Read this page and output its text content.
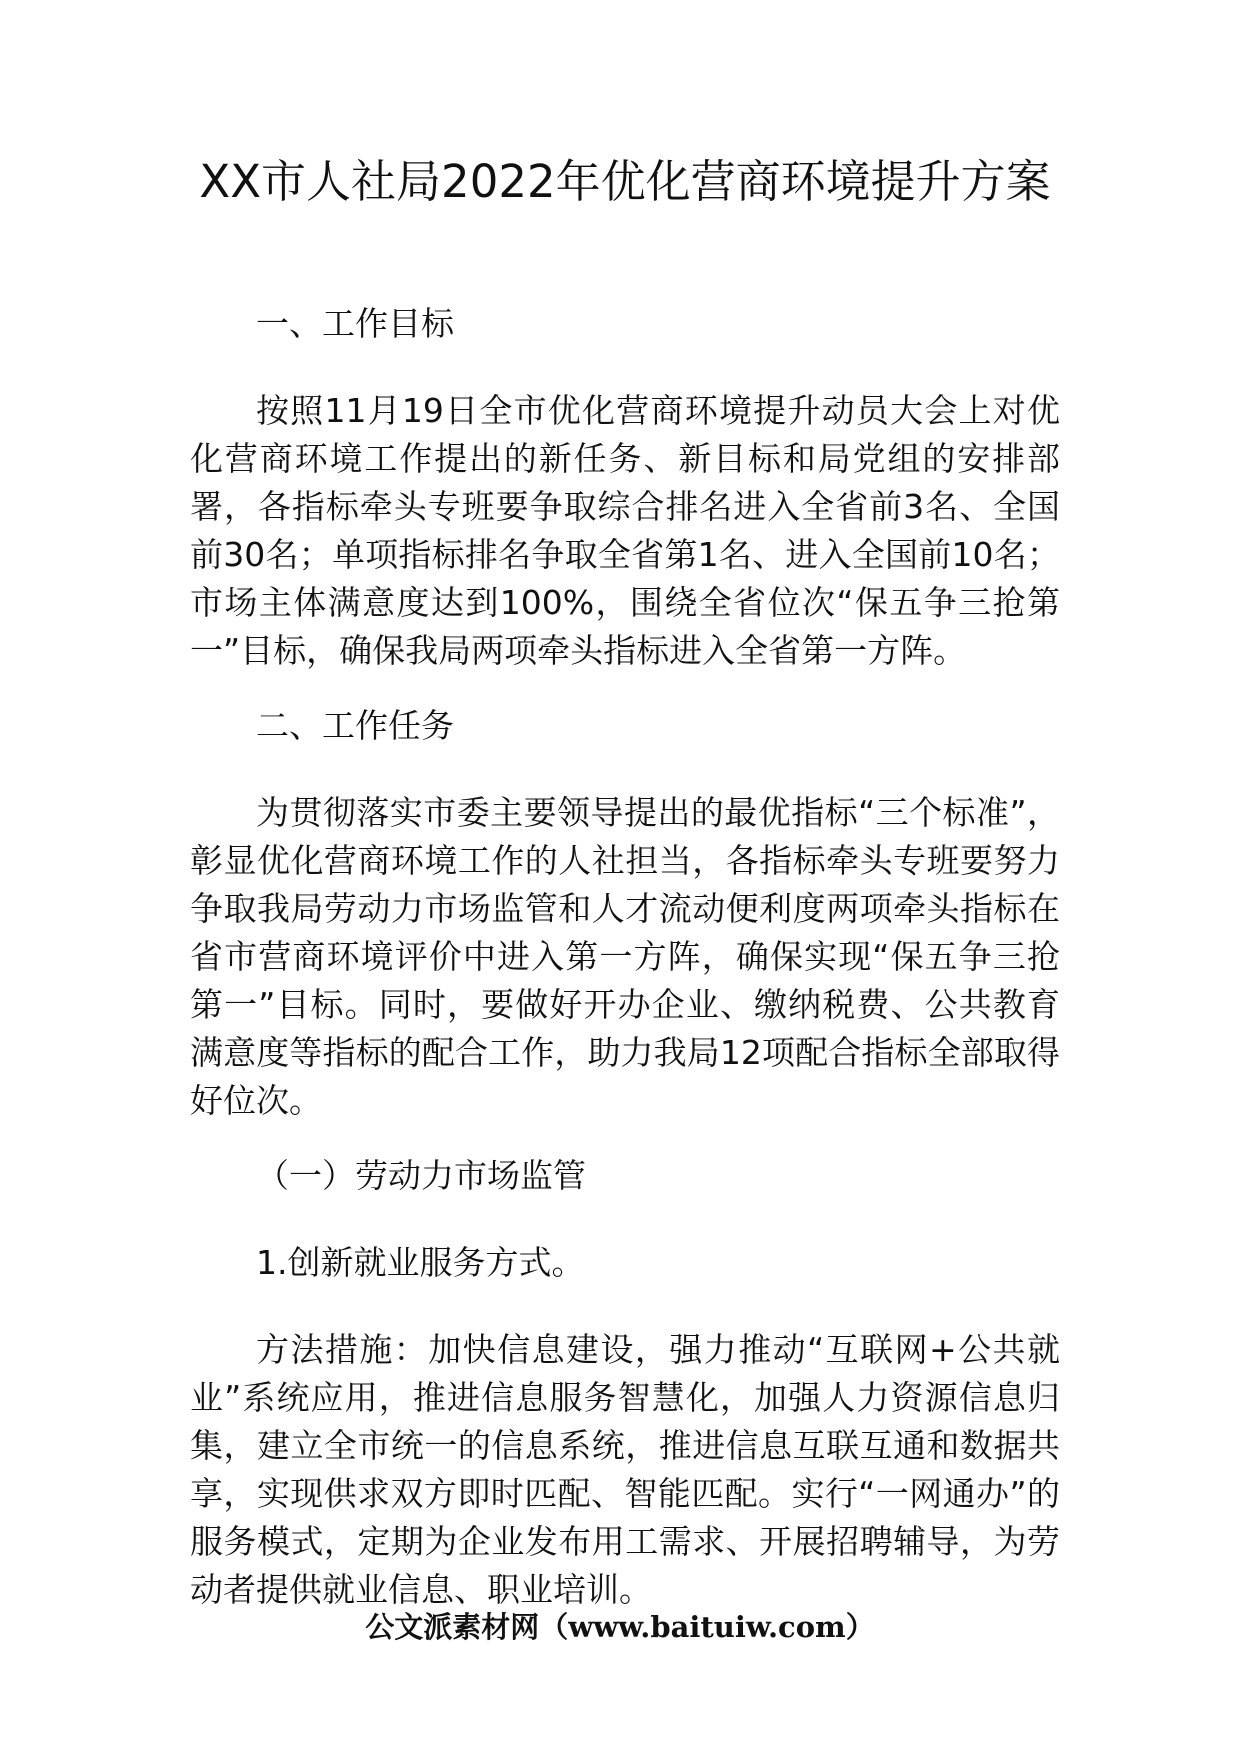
XX市人社局2022年优化营商环境提升方案

一、工作目标

按照11月19日全市优化营商环境提升动员大会上对优化营商环境工作提出的新任务、新目标和局党组的安排部署，各指标牵头专班要争取综合排名进入全省前3名、全国前30名；单项指标排名争取全省第1名、进入全国前10名；市场主体满意度达到100%，围绕全省位次“保五争三抢第一”目标，确保我局两项牵头指标进入全省第一方阵。

二、工作任务

为贯彻落实市委主要领导提出的最优指标“三个标准”，彰显优化营商环境工作的人社担当，各指标牵头专班要努力争取我局劳动力市场监管和人才流动便利度两项牵头指标在省市营商环境评价中进入第一方阵，确保实现“保五争三抢第一”目标。同时，要做好开办企业、缴纳税费、公共教育满意度等指标的配合工作，助力我局12项配合指标全部取得好位次。

（一）劳动力市场监管

1.创新就业服务方式。

方法措施：加快信息建设，强力推动“互联网+公共就业”系统应用，推进信息服务智慧化，加强人力资源信息归集，建立全市统一的信息系统，推进信息互联互通和数据共享，实现供求双方即时匹配、智能匹配。实行“一网通办”的服务模式，定期为企业发布用工需求、开展招聘辅导，为劳动者提供就业信息、职业培训。

公文派素材网（www.baituiw.com）
